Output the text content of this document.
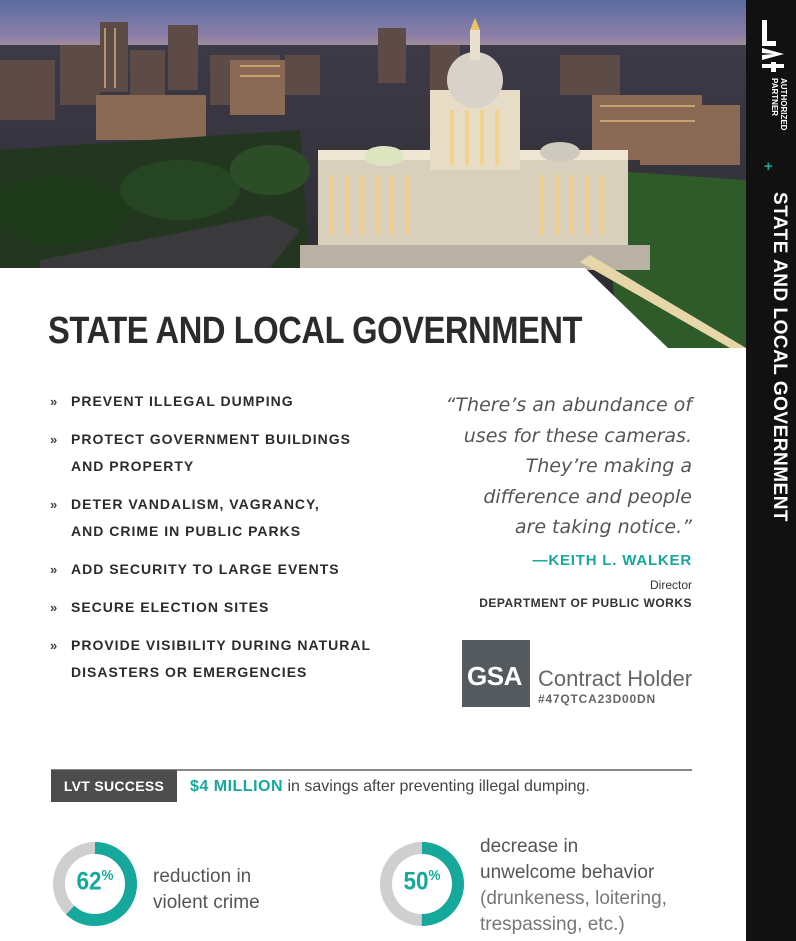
AUTHORIZED PARTNER
+
STATE AND LOCAL GOVERNMENT
STATE AND LOCAL GOVERNMENT
» PREVENT ILLEGAL DUMPING
» PROTECT GOVERNMENT BUILDINGS AND PROPERTY
» DETER VANDALISM, VAGRANCY, AND CRIME IN PUBLIC PARKS
» ADD SECURITY TO LARGE EVENTS
» SECURE ELECTION SITES
» PROVIDE VISIBILITY DURING NATURAL DISASTERS OR EMERGENCIES
“There’s an abundance of
uses for these cameras.
They’re making a
difference and people
are taking notice.”
—KEITH L. WALKER
Director
DEPARTMENT OF PUBLIC WORKS
GSA Contract Holder
#47QTCA23D00DN
LVT SUCCESS	$4 MILLION in savings after preventing illegal dumping.
62%	reduction in
violent crime
50%
decrease in
unwelcome behavior
(drunkeness, loitering,
trespassing, etc.)
